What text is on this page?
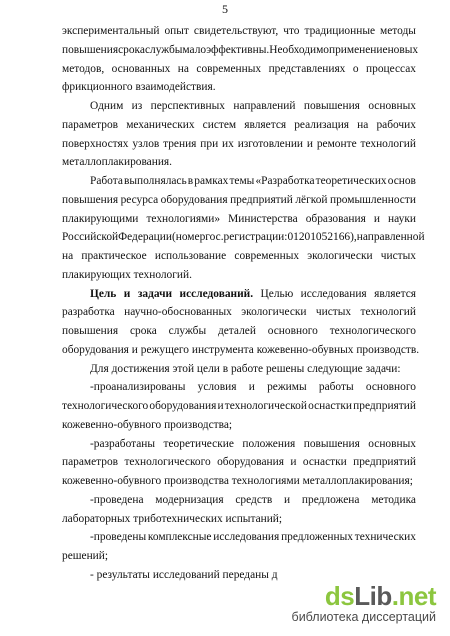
5
экспериментальный опыт свидетельствуют, что традиционные методы
повышения срока службы малоэффективны. Необходимо применение новых
методов, основанных на современных представлениях о процессах
фрикционного взаимодействия.
Одним из перспективных направлений повышения основных
параметров механических систем является реализация на рабочих
поверхностях узлов трения при их изготовлении и ремонте технологий
металлоплакирования.
Работа выполнялась в рамках темы «Разработка теоретических основ
повышения ресурса оборудования предприятий лёгкой промышленности
плакирующими технологиями» Министерства образования и науки
Российской Федерации (номер гос. регистрации: 01201052166), направленной
на практическое использование современных экологически чистых
плакирующих технологий.
Цель и задачи исследований. Целью исследования является
разработка научно-обоснованных экологически чистых технологий
повышения срока службы деталей основного технологического
оборудования и режущего инструмента кожевенно-обувных производств.
Для достижения этой цели в работе решены следующие задачи:
-проанализированы условия и режимы работы основного
технологического оборудования и технологической оснастки предприятий
кожевенно-обувного производства;
-разработаны теоретические положения повышения основных
параметров технологического оборудования и оснастки предприятий
кожевенно-обувного производства технологиями металлоплакирования;
-проведена модернизация средств и предложена методика
лабораторных триботехнических испытаний;
-проведены комплексные исследования предложенных технических
решений;
- результаты исследований переданы д
dsLib.net
библиотека диссертаций
